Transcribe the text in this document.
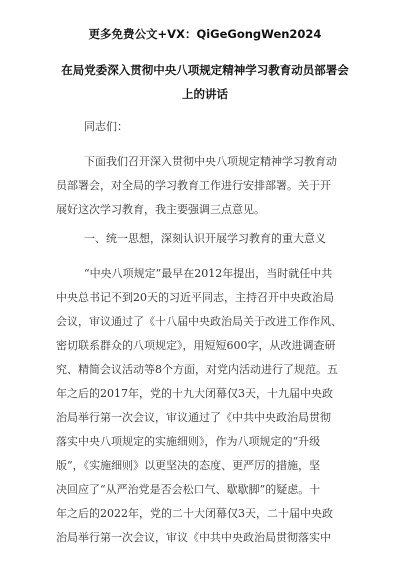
更多免费公文+VX：QiGeGongWen2024
在局党委深入贯彻中央八项规定精神学习教育动员部署会
上的讲话
同志们：
下面我们召开深入贯彻中央八项规定精神学习教育动
员部署会，对全局的学习教育工作进行安排部署。关于开
展好这次学习教育，我主要强调三点意见。
一、统一思想，深刻认识开展学习教育的重大意义
“中央八项规定”最早在2012年提出，当时就任中共
中央总书记不到20天的习近平同志，主持召开中央政治局
会议，审议通过了《十八届中央政治局关于改进工作作风、
密切联系群众的八项规定》，用短短600字，从改进调查研
究、精简会议活动等8个方面，对党内活动进行了规范。五
年之后的2017年，党的十九大闭幕仅3天，十九届中央政
治局举行第一次会议，审议通过了《中共中央政治局贯彻
落实中央八项规定的实施细则》，作为八项规定的“升级
版”，《实施细则》以更坚决的态度、更严厉的措施，坚
决回应了“从严治党是否会松口气、歇歇脚”的疑虑。十
年之后的2022年，党的二十大闭幕仅3天，二十届中央政
治局举行第一次会议，审议《中共中央政治局贯彻落实中
